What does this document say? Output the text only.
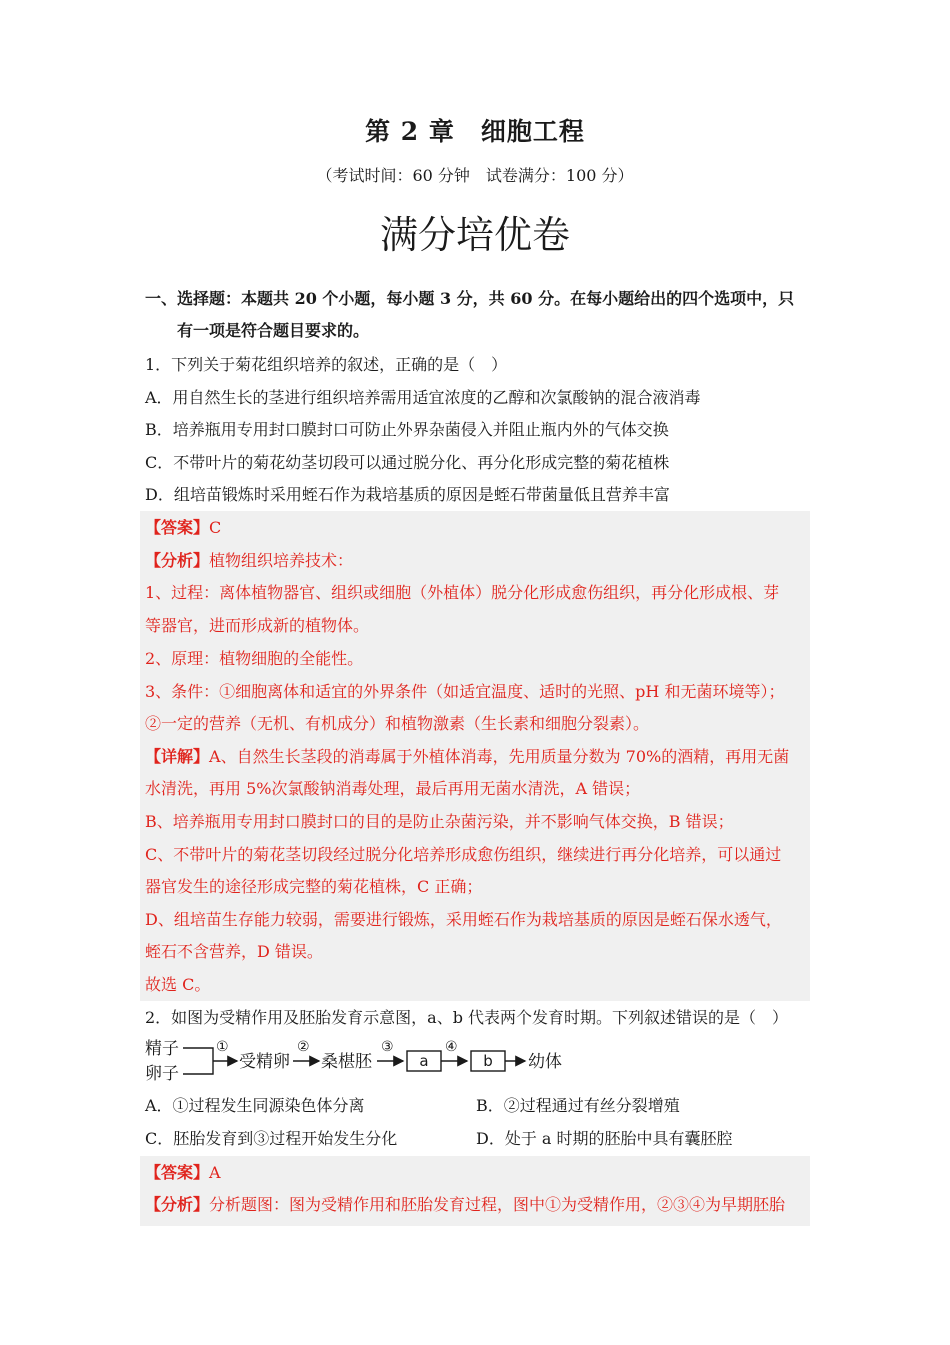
第 2 章　细胞工程
（考试时间：60 分钟　试卷满分：100 分）
满分培优卷
一、选择题：本题共 20 个小题，每小题 3 分，共 60 分。在每小题给出的四个选项中，只
有一项是符合题目要求的。
1．下列关于菊花组织培养的叙述，正确的是（　）
A．用自然生长的茎进行组织培养需用适宜浓度的乙醇和次氯酸钠的混合液消毒
B．培养瓶用专用封口膜封口可防止外界杂菌侵入并阻止瓶内外的气体交换
C．不带叶片的菊花幼茎切段可以通过脱分化、再分化形成完整的菊花植株
D．组培苗锻炼时采用蛭石作为栽培基质的原因是蛭石带菌量低且营养丰富
【答案】C
【分析】植物组织培养技术：
1、过程：离体植物器官、组织或细胞（外植体）脱分化形成愈伤组织，再分化形成根、芽
等器官，进而形成新的植物体。
2、原理：植物细胞的全能性。
3、条件：①细胞离体和适宜的外界条件（如适宜温度、适时的光照、pH 和无菌环境等）；
②一定的营养（无机、有机成分）和植物激素（生长素和细胞分裂素）。
【详解】A、自然生长茎段的消毒属于外植体消毒，先用质量分数为 70%的酒精，再用无菌
水清洗，再用 5%次氯酸钠消毒处理，最后再用无菌水清洗，A 错误；
B、培养瓶用专用封口膜封口的目的是防止杂菌污染，并不影响气体交换，B 错误；
C、不带叶片的菊花茎切段经过脱分化培养形成愈伤组织，继续进行再分化培养，可以通过
器官发生的途径形成完整的菊花植株，C 正确；
D、组培苗生存能力较弱，需要进行锻炼，采用蛭石作为栽培基质的原因是蛭石保水透气，
蛭石不含营养，D 错误。
故选 C。
2．如图为受精作用及胚胎发育示意图，a、b 代表两个发育时期。下列叙述错误的是（　）
精子
卵子
①
受精卵
②
桑椹胚
③
a
④
b 幼体
A．①过程发生同源染色体分离	B．②过程通过有丝分裂增殖
C．胚胎发育到③过程开始发生分化	D．处于 a 时期的胚胎中具有囊胚腔
【答案】A
【分析】分析题图：图为受精作用和胚胎发育过程，图中①为受精作用，②③④为早期胚胎
